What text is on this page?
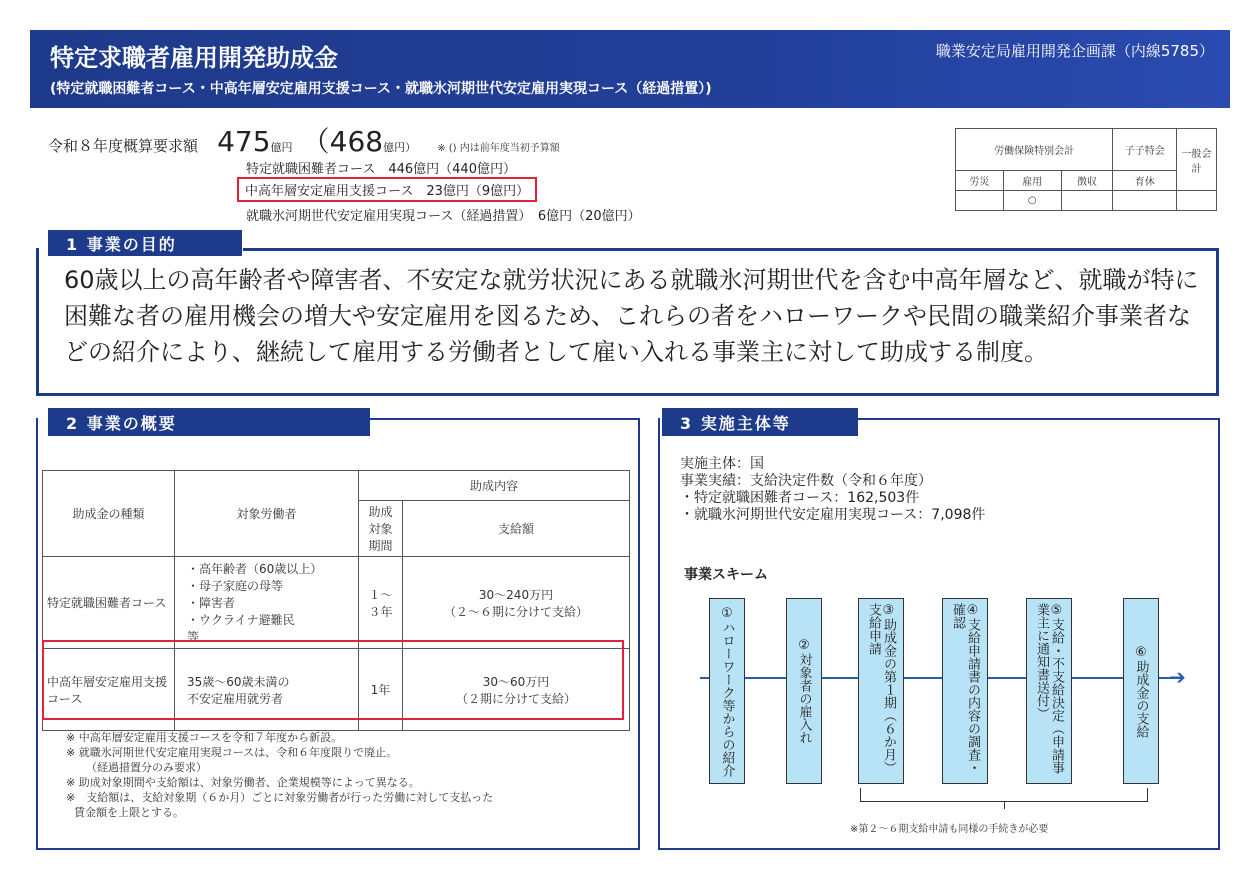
特定求職者雇用開発助成金
(特定就職困難者コース・中高年層安定雇用支援コース・就職氷河期世代安定雇用実現コース（経過措置）)
職業安定局雇用開発企画課（内線5785）
令和８年度概算要求額 475億円 （468億円） ※ () 内は前年度当初予算額
特定就職困難者コース　446億円（440億円）
中高年層安定雇用支援コース　23億円（9億円）
就職氷河期世代安定雇用実現コース（経過措置）　6億円（20億円）
労働保険特別会計			子子特会	一般会計
労災	雇用	徴収	育休	
	○			
1 事業の目的
60歳以上の高年齢者や障害者、不安定な就労状況にある就職氷河期世代を含む中高年層など、就職が特に困難な者の雇用機会の増大や安定雇用を図るため、これらの者をハローワークや民間の職業紹介事業者などの紹介により、継続して雇用する労働者として雇い入れる事業主に対して助成する制度。
2 事業の概要
助成金の種類	対象労働者	助成内容	
		助成対象期間	支給額
特定就職困難者コース	・高年齢者（60歳以上）
・母子家庭の母等
・障害者
・ウクライナ避難民
等	１～３年	30～240万円
（２～６期に分けて支給）
中高年層安定雇用支援コース	35歳～60歳未満の
不安定雇用就労者	1年	30～60万円
（２期に分けて支給）
※ 中高年層安定雇用支援コースを令和７年度から新設。
※ 就職氷河期世代安定雇用実現コースは、令和６年度限りで廃止。
（経過措置分のみ要求）
※ 助成対象期間や支給額は、対象労働者、企業規模等によって異なる。
※　支給額は、支給対象期（６か月）ごとに対象労働者が行った労働に対して支払った
賃金額を上限とする。
3 実施主体等
実施主体：国
事業実績：支給決定件数（令和６年度）
・特定就職困難者コース：162,503件
・就職氷河期世代安定雇用実現コース：7,098件
事業スキーム
➔
①ハローワーク等からの紹介	②対象者の雇入れ	③助成金の第１期（６か月）支給申請	④支給申請書の内容の調査・確認	⑤支給・不支給決定（申請事業主に通知書送付）	⑥助成金の支給
※第２～６期支給申請も同様の手続きが必要
